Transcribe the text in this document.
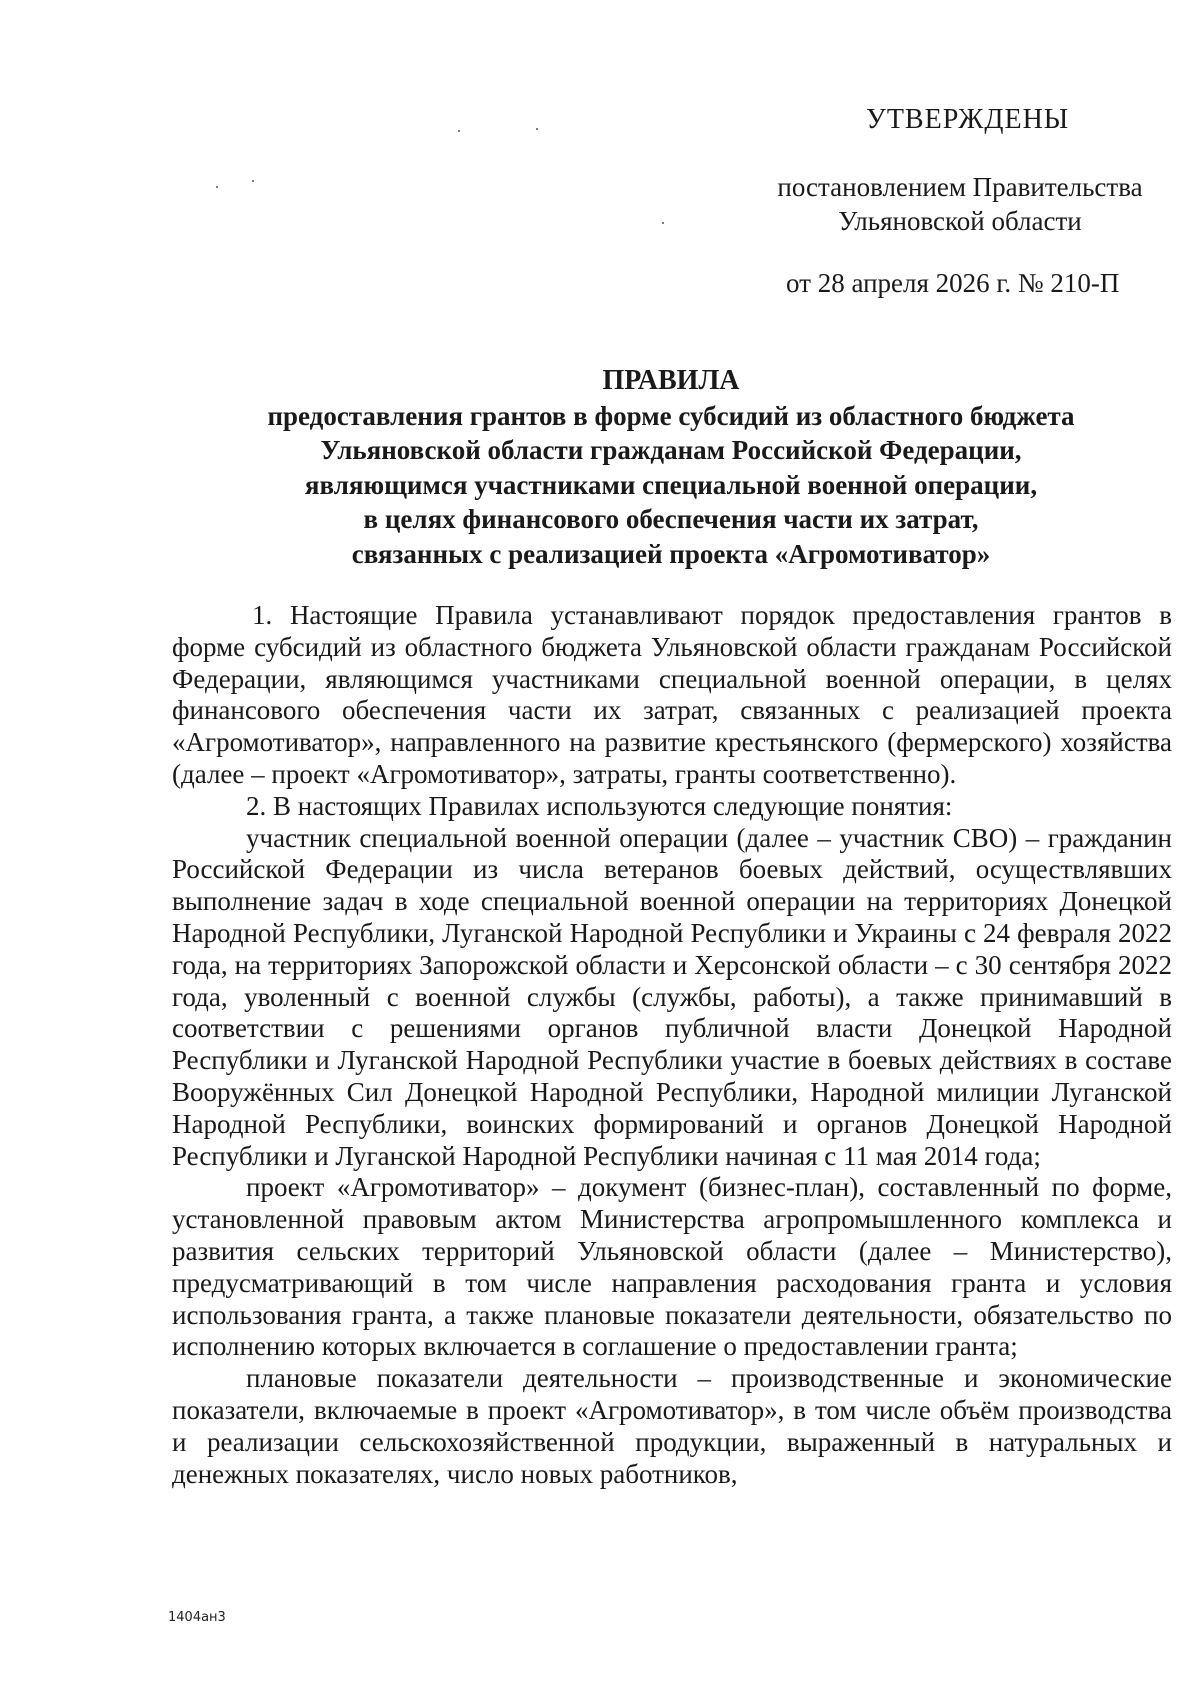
УТВЕРЖДЕНЫ
постановлением Правительства
Ульяновской области
от 28 апреля 2026 г. № 210-П
ПРАВИЛА
предоставления грантов в форме субсидий из областного бюджета
Ульяновской области гражданам Российской Федерации,
являющимся участниками специальной военной операции,
в целях финансового обеспечения части их затрат,
связанных с реализацией проекта «Агромотиватор»

1. Настоящие Правила устанавливают порядок предоставления грантов в форме субсидий из областного бюджета Ульяновской области гражданам Российской Федерации, являющимся участниками специальной военной операции, в целях финансового обеспечения части их затрат, связанных с реализацией проекта «Агромотиватор», направленного на развитие крестьянского (фермерского) хозяйства (далее – проект «Агромотиватор», затраты, гранты соответственно).

2. В настоящих Правилах используются следующие понятия:

участник специальной военной операции (далее – участник СВО) – гражданин Российской Федерации из числа ветеранов боевых действий, осуществлявших выполнение задач в ходе специальной военной операции на территориях Донецкой Народной Республики, Луганской Народной Республики и Украины с 24 февраля 2022 года, на территориях Запорожской области и Херсонской области – с 30 сентября 2022 года, уволенный с военной службы (службы, работы), а также принимавший в соответствии с решениями органов публичной власти Донецкой Народной Республики и Луганской Народной Республики участие в боевых действиях в составе Вооружённых Сил Донецкой Народной Республики, Народной милиции Луганской Народной Республики, воинских формирований и органов Донецкой Народной Республики и Луганской Народной Республики начиная с 11 мая 2014 года;

проект «Агромотиватор» – документ (бизнес-план), составленный по форме, установленной правовым актом Министерства агропромышленного комплекса и развития сельских территорий Ульяновской области (далее – Министерство), предусматривающий в том числе направления расходования гранта и условия использования гранта, а также плановые показатели деятельности, обязательство по исполнению которых включается в соглашение о предоставлении гранта;

плановые показатели деятельности – производственные и экономические показатели, включаемые в проект «Агромотиватор», в том числе объём производства и реализации сельскохозяйственной продукции, выраженный в натуральных и денежных показателях, число новых работников,

1404ан3
